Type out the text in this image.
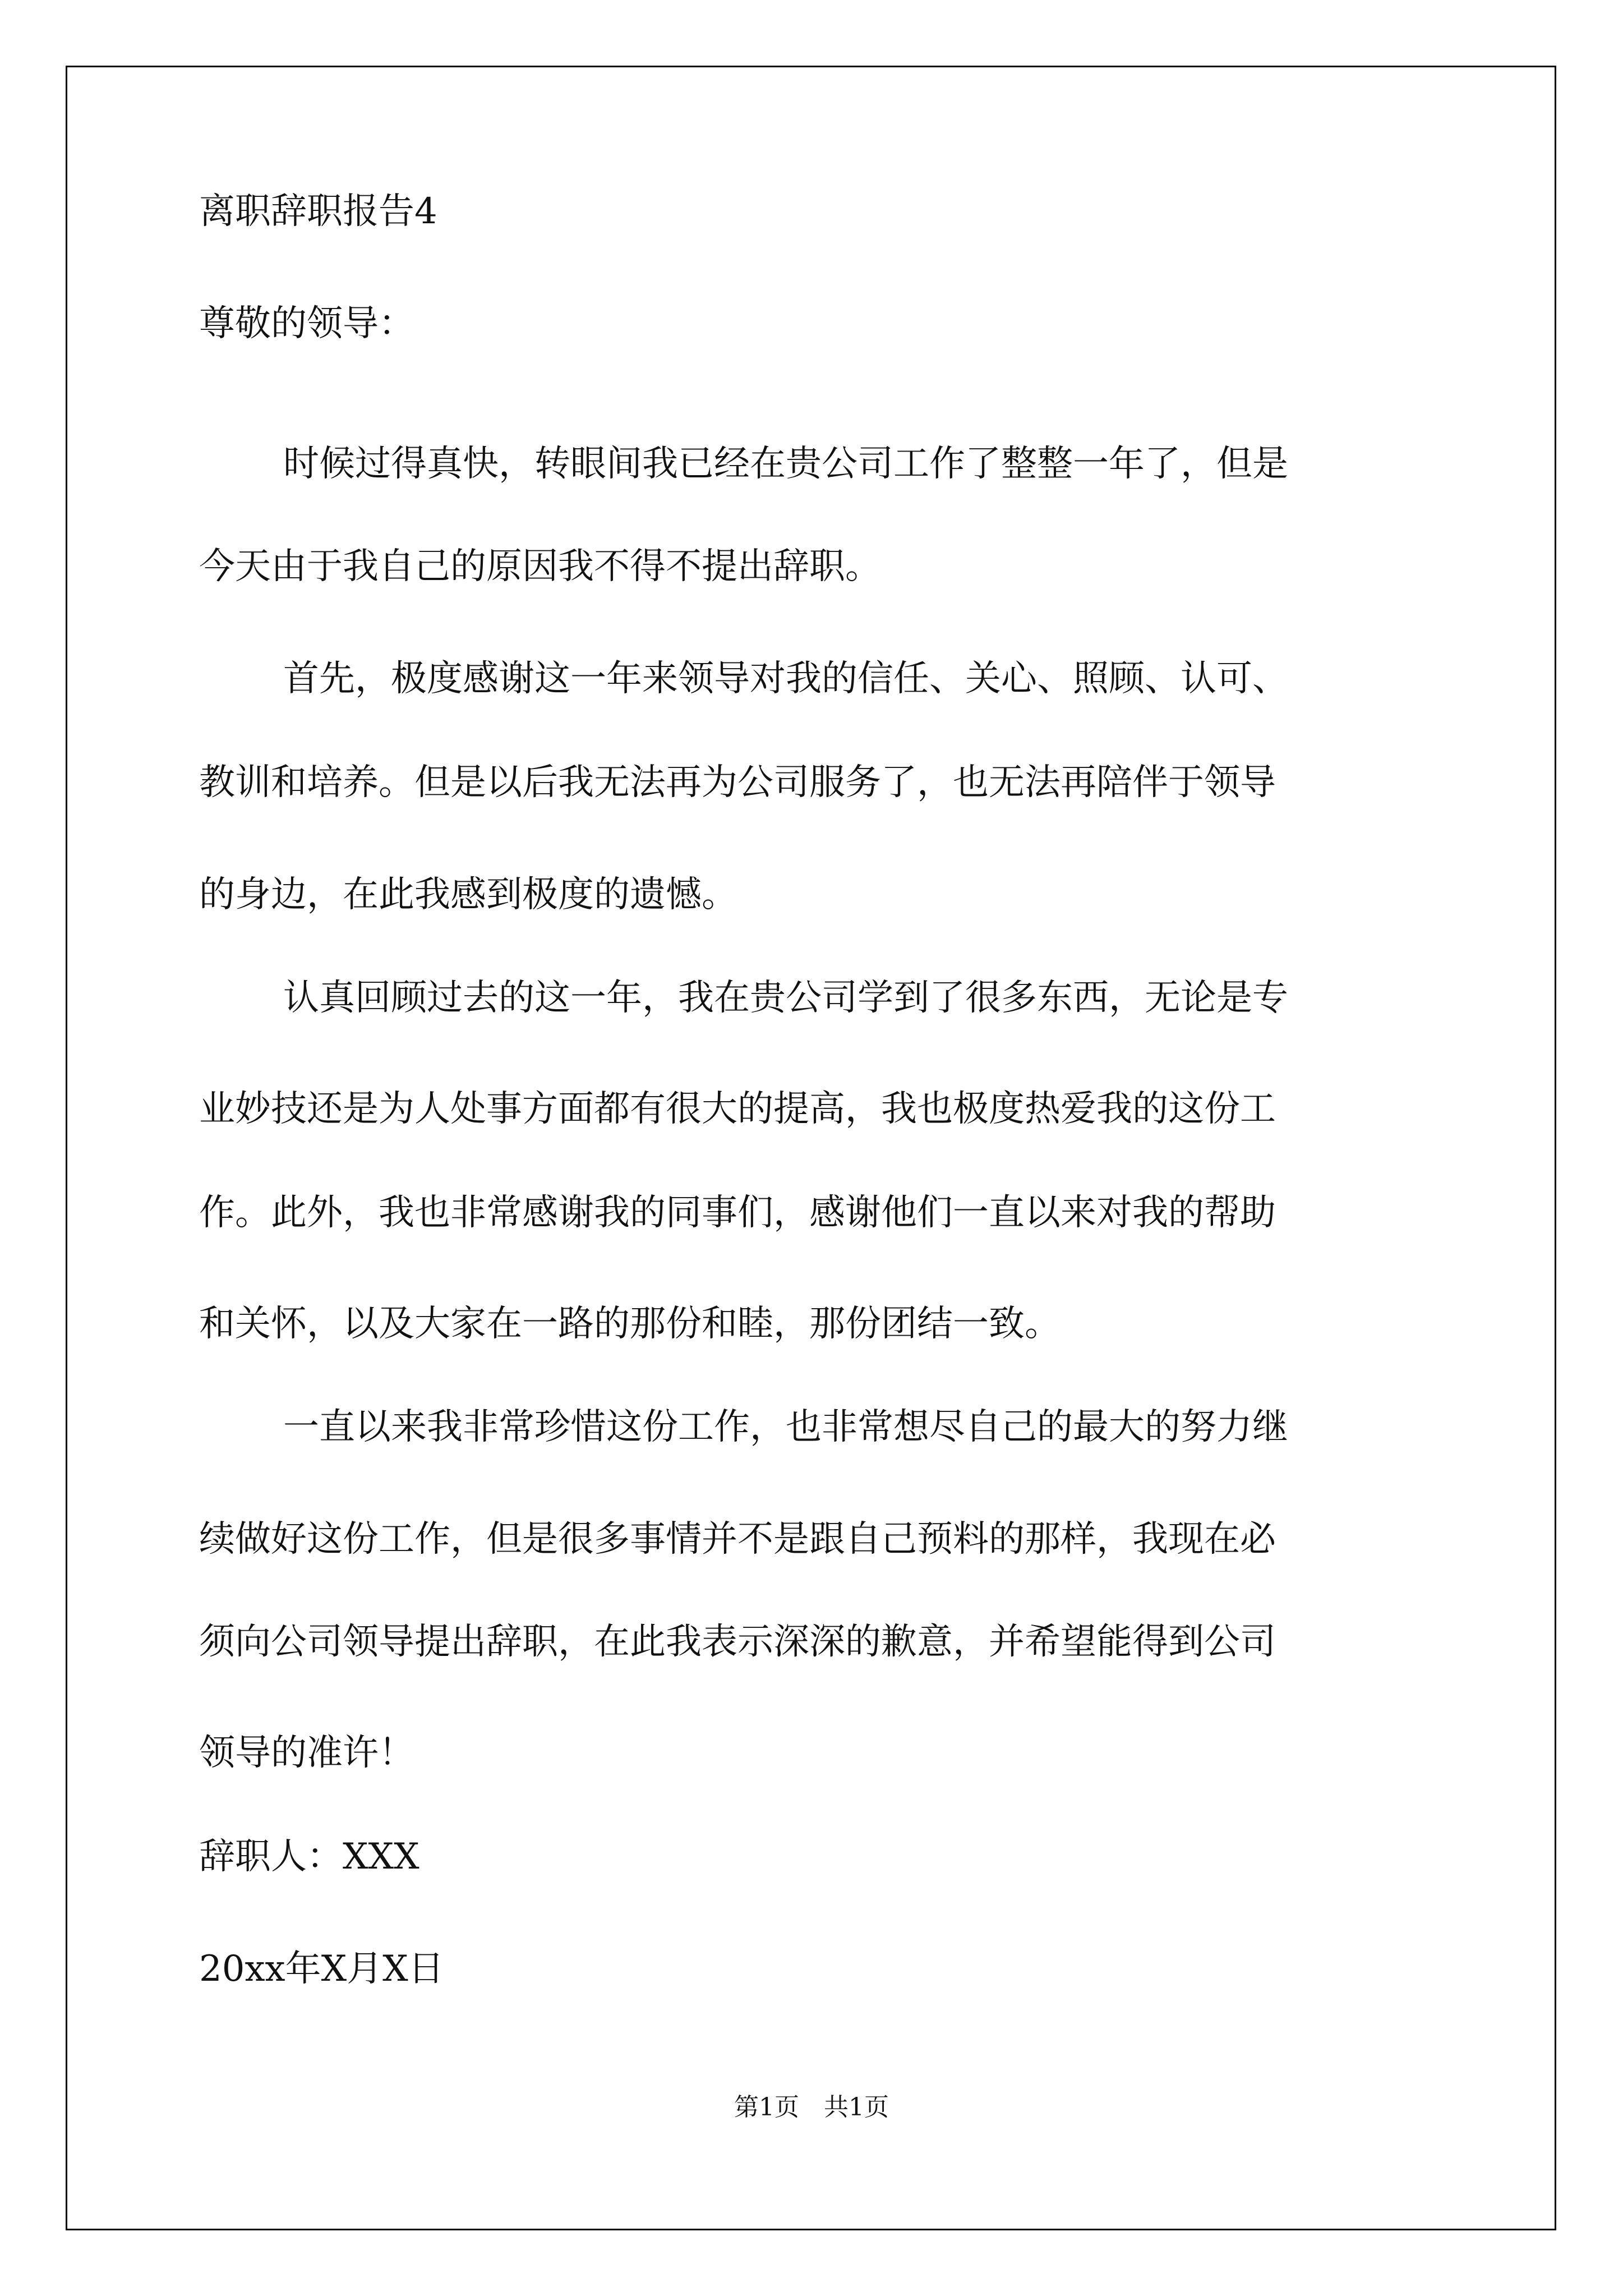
离职辞职报告4
尊敬的领导：
时候过得真快，转眼间我已经在贵公司工作了整整一年了，但是
今天由于我自己的原因我不得不提出辞职。
首先，极度感谢这一年来领导对我的信任、关心、照顾、认可、
教训和培养。但是以后我无法再为公司服务了，也无法再陪伴于领导
的身边，在此我感到极度的遗憾。
认真回顾过去的这一年，我在贵公司学到了很多东西，无论是专
业妙技还是为人处事方面都有很大的提高，我也极度热爱我的这份工
作。此外，我也非常感谢我的同事们，感谢他们一直以来对我的帮助
和关怀，以及大家在一路的那份和睦，那份团结一致。
一直以来我非常珍惜这份工作，也非常想尽自己的最大的努力继
续做好这份工作，但是很多事情并不是跟自己预料的那样，我现在必
须向公司领导提出辞职，在此我表示深深的歉意，并希望能得到公司
领导的准许！
辞职人：XXX
20xx年X月X日
第1页　共1页
